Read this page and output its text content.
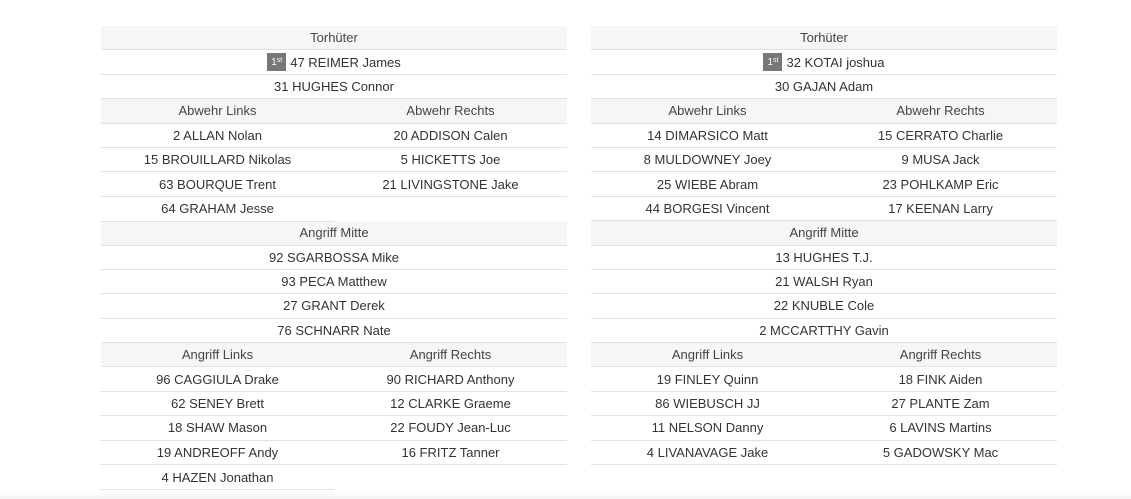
Torhüter
1st 47 REIMER James
31 HUGHES Connor
Abwehr Links	Abwehr Rechts
2 ALLAN Nolan	20 ADDISON Calen
15 BROUILLARD Nikolas	5 HICKETTS Joe
63 BOURQUE Trent	21 LIVINGSTONE Jake
64 GRAHAM Jesse
Angriff Mitte
92 SGARBOSSA Mike
93 PECA Matthew
27 GRANT Derek
76 SCHNARR Nate
Angriff Links	Angriff Rechts
96 CAGGIULA Drake	90 RICHARD Anthony
62 SENEY Brett	12 CLARKE Graeme
18 SHAW Mason	22 FOUDY Jean-Luc
19 ANDREOFF Andy	16 FRITZ Tanner
4 HAZEN Jonathan
Torhüter
1st 32 KOTAI joshua
30 GAJAN Adam
Abwehr Links	Abwehr Rechts
14 DIMARSICO Matt	15 CERRATO Charlie
8 MULDOWNEY Joey	9 MUSA Jack
25 WIEBE Abram	23 POHLKAMP Eric
44 BORGESI Vincent	17 KEENAN Larry
Angriff Mitte
13 HUGHES T.J.
21 WALSH Ryan
22 KNUBLE Cole
2 MCCARTTHY Gavin
Angriff Links	Angriff Rechts
19 FINLEY Quinn	18 FINK Aiden
86 WIEBUSCH JJ	27 PLANTE Zam
11 NELSON Danny	6 LAVINS Martins
4 LIVANAVAGE Jake	5 GADOWSKY Mac
